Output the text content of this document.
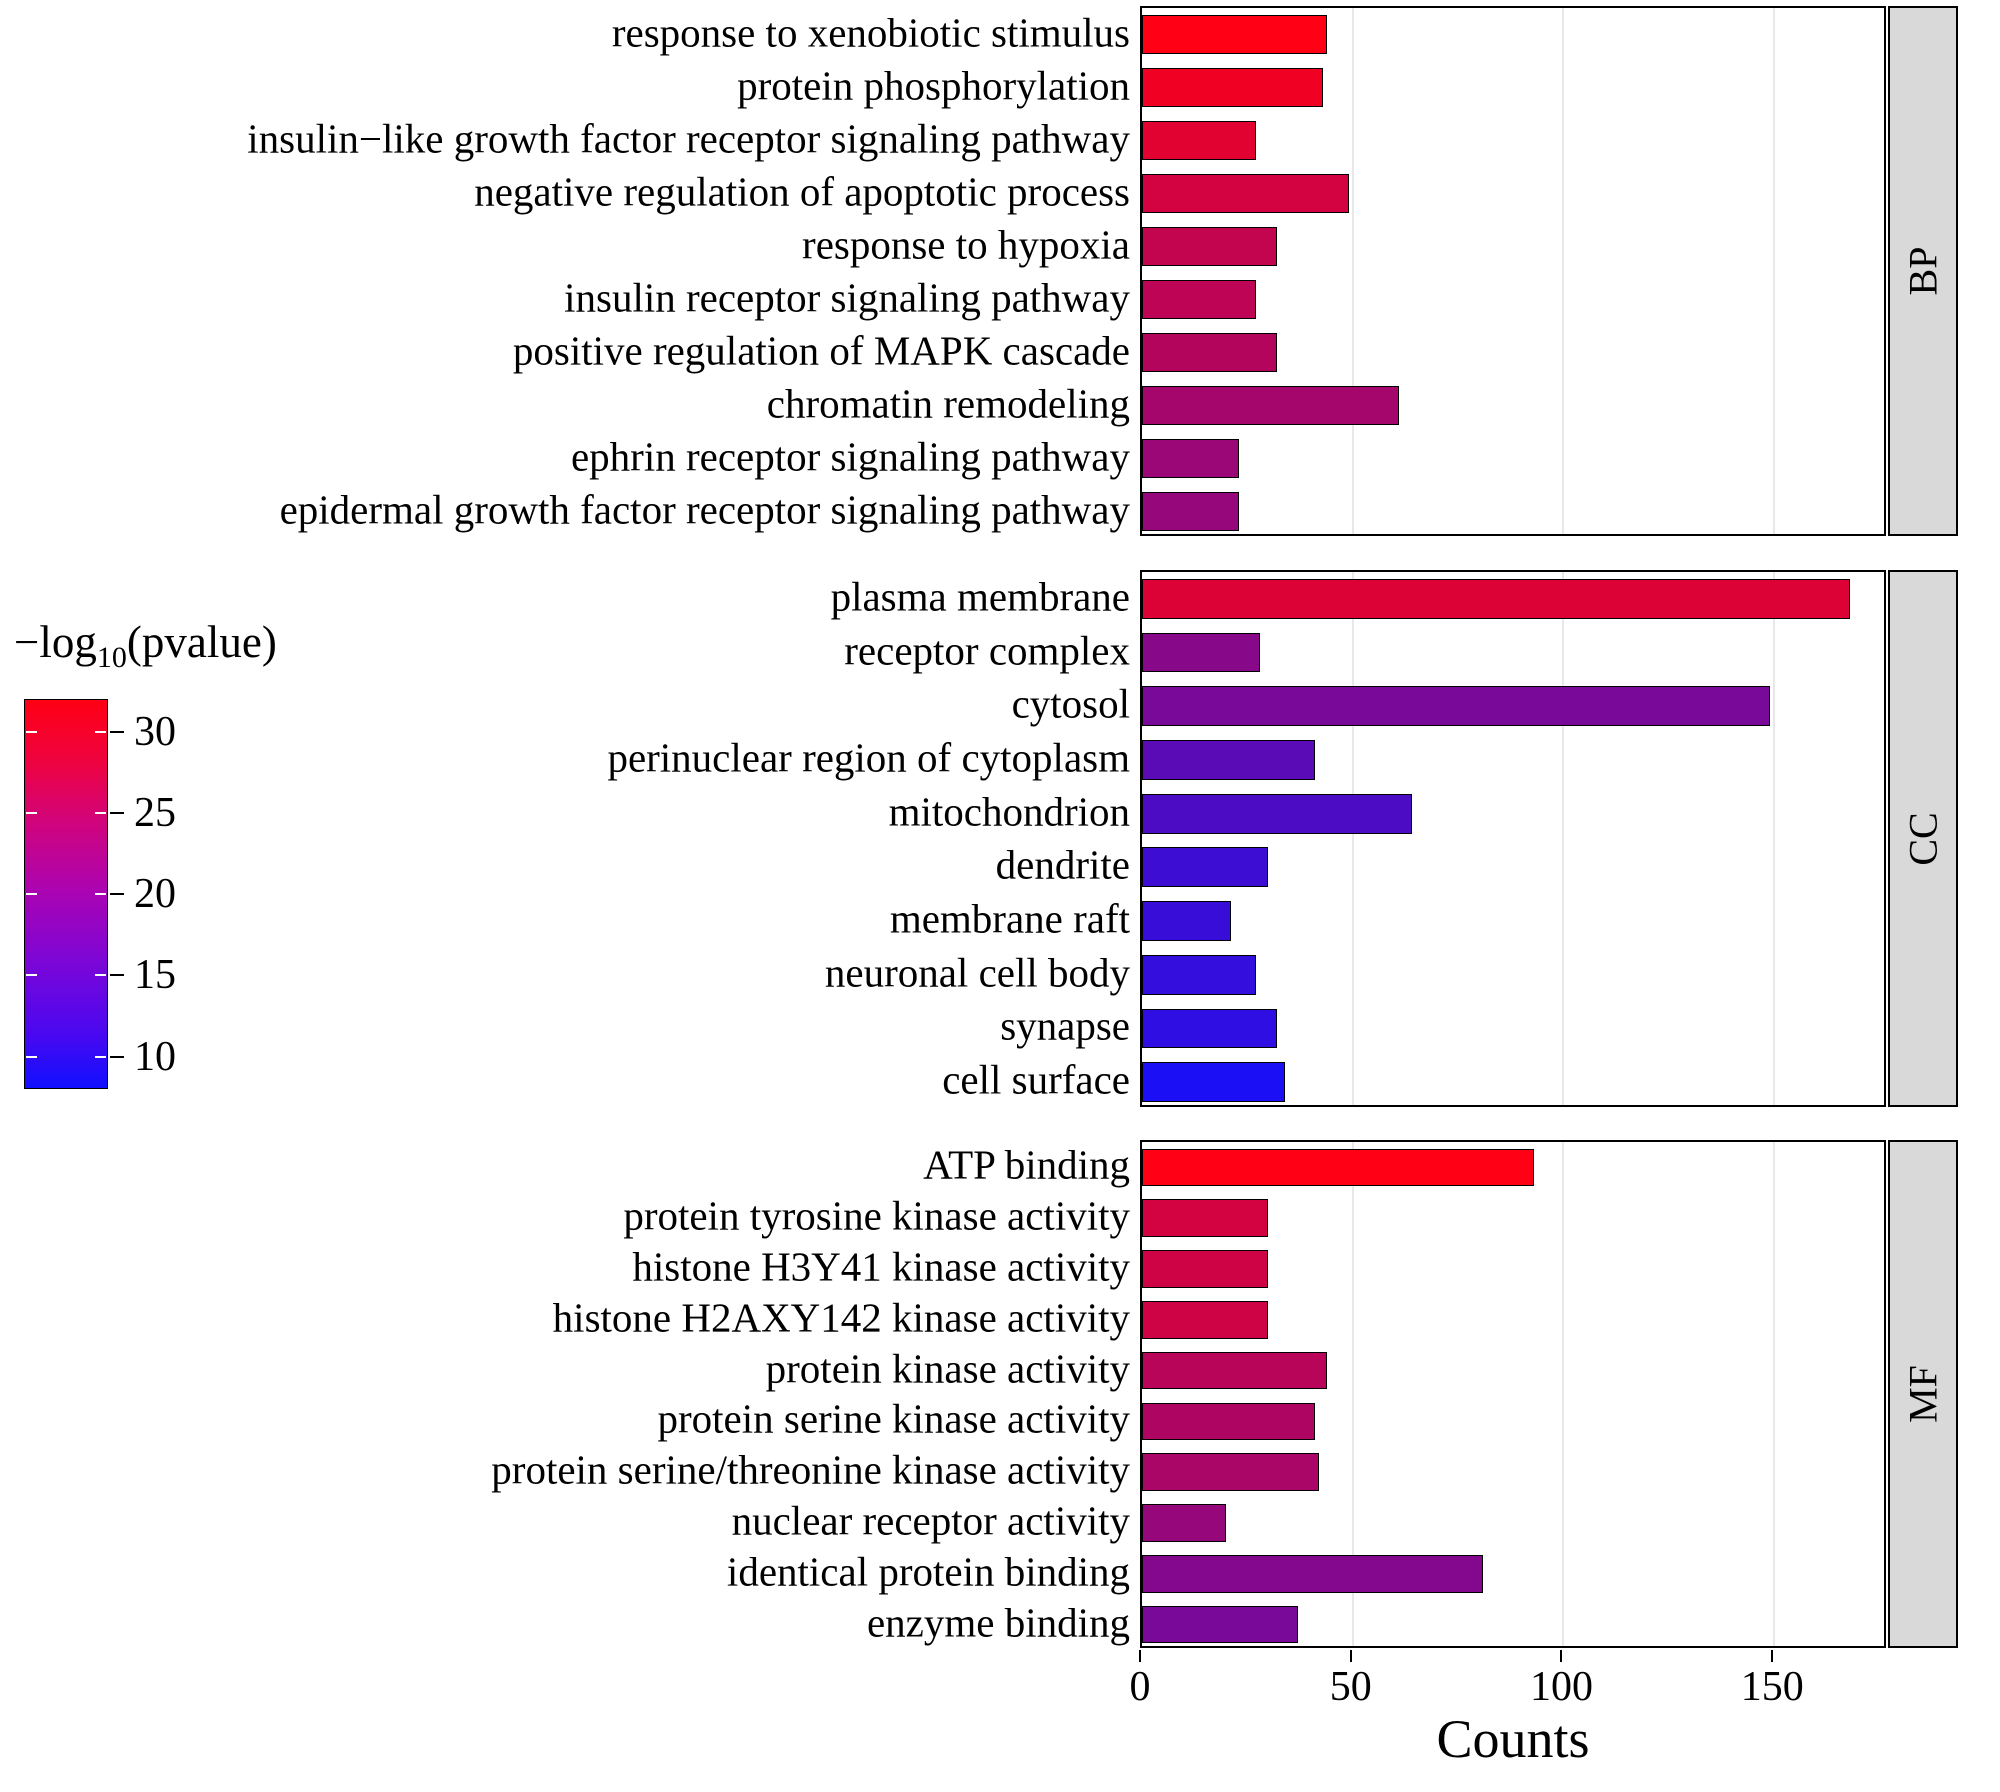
$-\log_{10}(pvalue)$
30
25
20
15
10
BP
CC
MF
response to xenobiotic stimulus
protein phosphorylation
insulin−like growth factor receptor signaling pathway
negative regulation of apoptotic process
response to hypoxia
insulin receptor signaling pathway
positive regulation of MAPK cascade
chromatin remodeling
ephrin receptor signaling pathway
epidermal growth factor receptor signaling pathway
plasma membrane
receptor complex
cytosol
perinuclear region of cytoplasm
mitochondrion
dendrite
membrane raft
neuronal cell body
synapse
cell surface
ATP binding
protein tyrosine kinase activity
histone H3Y41 kinase activity
histone H2AXY142 kinase activity
protein kinase activity
protein serine kinase activity
protein serine/threonine kinase activity
nuclear receptor activity
identical protein binding
enzyme binding
0	50	100	150
Counts
